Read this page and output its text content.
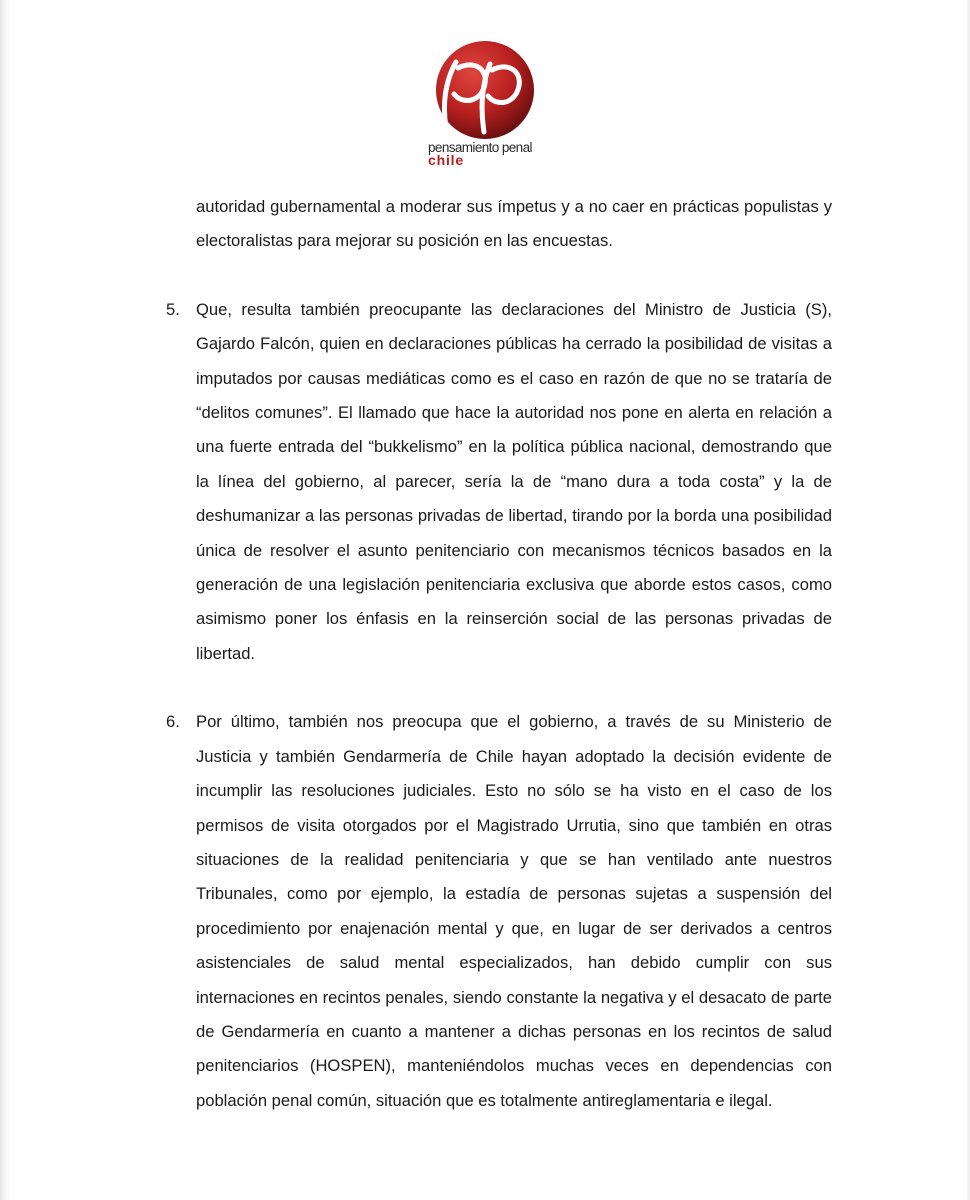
pensamiento penal
chile

autoridad gubernamental a moderar sus ímpetus y a no caer en prácticas populistas y electoralistas para mejorar su posición en las encuestas.

5. Que, resulta también preocupante las declaraciones del Ministro de Justicia (S), Gajardo Falcón, quien en declaraciones públicas ha cerrado la posibilidad de visitas a imputados por causas mediáticas como es el caso en razón de que no se trataría de “delitos comunes”. El llamado que hace la autoridad nos pone en alerta en relación a una fuerte entrada del “bukkelismo” en la política pública nacional, demostrando que la línea del gobierno, al parecer, sería la de “mano dura a toda costa” y la de deshumanizar a las personas privadas de libertad, tirando por la borda una posibilidad única de resolver el asunto penitenciario con mecanismos técnicos basados en la generación de una legislación penitenciaria exclusiva que aborde estos casos, como asimismo poner los énfasis en la reinserción social de las personas privadas de libertad.
6. Por último, también nos preocupa que el gobierno, a través de su Ministerio de Justicia y también Gendarmería de Chile hayan adoptado la decisión evidente de incumplir las resoluciones judiciales. Esto no sólo se ha visto en el caso de los permisos de visita otorgados por el Magistrado Urrutia, sino que también en otras situaciones de la realidad penitenciaria y que se han ventilado ante nuestros Tribunales, como por ejemplo, la estadía de personas sujetas a suspensión del procedimiento por enajenación mental y que, en lugar de ser derivados a centros asistenciales de salud mental especializados, han debido cumplir con sus internaciones en recintos penales, siendo constante la negativa y el desacato de parte de Gendarmería en cuanto a mantener a dichas personas en los recintos de salud penitenciarios (HOSPEN), manteniéndolos muchas veces en dependencias con población penal común, situación que es totalmente antireglamentaria e ilegal.
